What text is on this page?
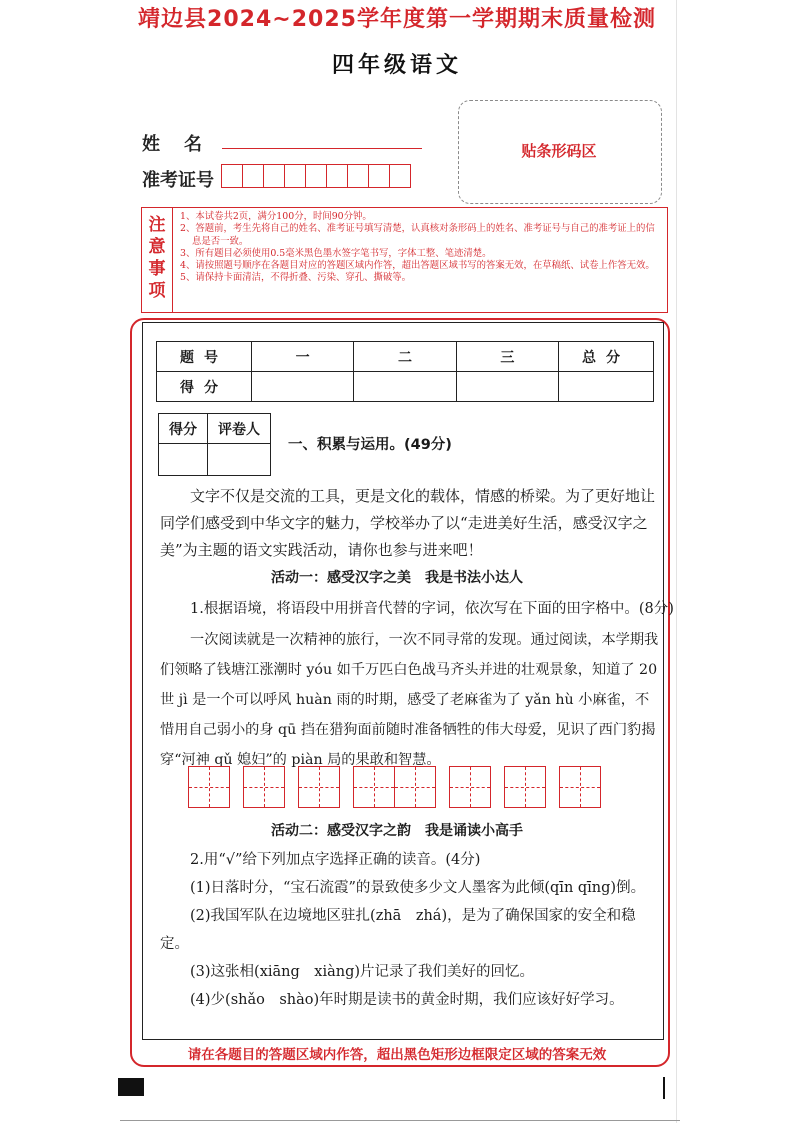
靖边县2024~2025学年度第一学期期末质量检测
四年级语文
姓名
准考证号
贴条形码区
注意事项

1、本试卷共2页，满分100分，时间90分钟。

2、答题前，考生先将自己的姓名、准考证号填写清楚，认真核对条形码上的姓名、准考证号与自己的准考证上的信息是否一致。

3、所有题目必须使用0.5毫米黑色墨水签字笔书写，字体工整、笔迹清楚。

4、请按照题号顺序在各题目对应的答题区域内作答，超出答题区域书写的答案无效，在草稿纸、试卷上作答无效。

5、请保持卡面清洁，不得折叠、污染、穿孔、撕破等。

题号	一	二	三	总分
得分				
得分	评卷人

一、积累与运用。(49分)
文字不仅是交流的工具，更是文化的载体，情感的桥梁。为了更好地让同学们感受到中华文字的魅力，学校举办了以“走进美好生活，感受汉字之美”为主题的语文实践活动，请你也参与进来吧！
活动一：感受汉字之美　我是书法小达人
1.根据语境，将语段中用拼音代替的字词，依次写在下面的田字格中。(8分)
一次阅读就是一次精神的旅行，一次不同寻常的发现。通过阅读，本学期我们领略了钱塘江涨潮时 yóu 如千万匹白色战马齐头并进的壮观景象，知道了 20 世 jì 是一个可以呼风 huàn 雨的时期，感受了老麻雀为了 yǎn hù 小麻雀，不惜用自己弱小的身 qū 挡在猎狗面前随时准备牺牲的伟大母爱，见识了西门豹揭穿“河神 qǔ 媳妇”的 piàn 局的果敢和智慧。
活动二：感受汉字之韵　我是诵读小高手
2.用“√”给下列加点字选择正确的读音。(4分)

(1)日落时分，“宝石流霞”的景致使多少文人墨客为此倾(qīn qīng)倒。

(2)我国军队在边境地区驻扎(zhā　zhá)，是为了确保国家的安全和稳定。

(3)这张相(xiāng　xiàng)片记录了我们美好的回忆。

(4)少(shǎo　shào)年时期是读书的黄金时期，我们应该好好学习。

请在各题目的答题区域内作答，超出黑色矩形边框限定区域的答案无效
